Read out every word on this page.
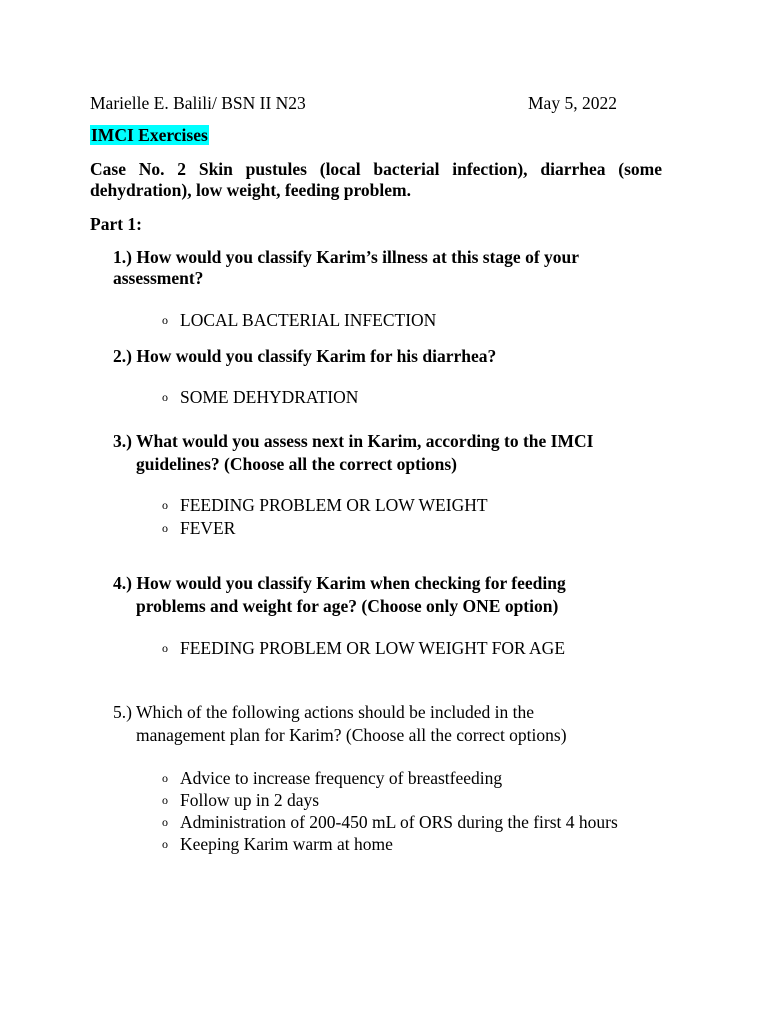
Marielle E. Balili/ BSN II N23	May 5, 2022
IMCI Exercises
Case No. 2 Skin pustules (local bacterial infection), diarrhea (some dehydration), low weight, feeding problem.
Part 1:
1.) How would you classify Karim’s illness at this stage of your assessment?
o LOCAL BACTERIAL INFECTION
2.) How would you classify Karim for his diarrhea?
o SOME DEHYDRATION
3.) What would you assess next in Karim, according to the IMCI
guidelines? (Choose all the correct options)
o FEEDING PROBLEM OR LOW WEIGHT
o FEVER
4.) How would you classify Karim when checking for feeding
problems and weight for age? (Choose only ONE option)
o FEEDING PROBLEM OR LOW WEIGHT FOR AGE
5.) Which of the following actions should be included in the
management plan for Karim? (Choose all the correct options)
o Advice to increase frequency of breastfeeding
o Follow up in 2 days
o Administration of 200-450 mL of ORS during the first 4 hours
o Keeping Karim warm at home
